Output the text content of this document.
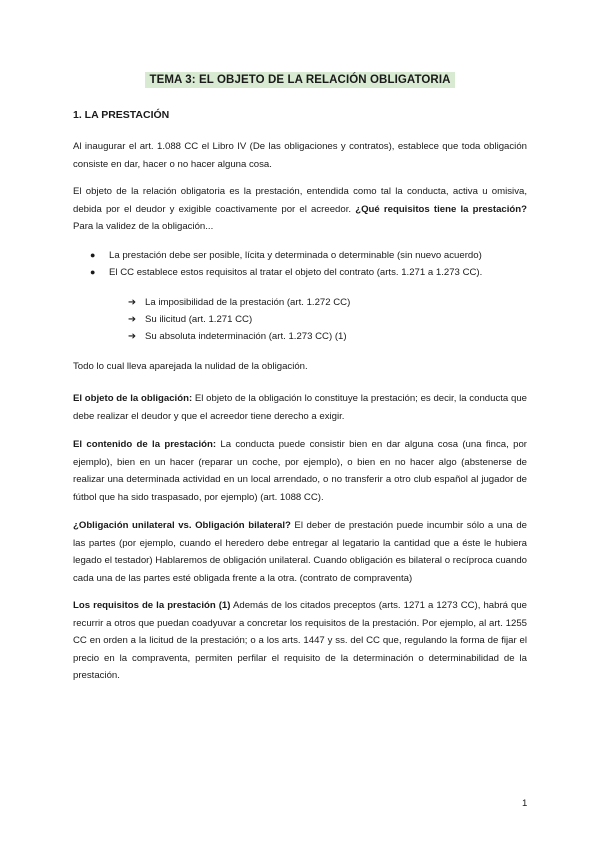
TEMA 3: EL OBJETO DE LA RELACIÓN OBLIGATORIA
1. LA PRESTACIÓN

Al inaugurar el art. 1.088 CC el Libro IV (De las obligaciones y contratos), establece que toda obligación consiste en dar, hacer o no hacer alguna cosa.

El objeto de la relación obligatoria es la prestación, entendida como tal la conducta, activa u omisiva, debida por el deudor y exigible coactivamente por el acreedor. ¿Qué requisitos tiene la prestación? Para la validez de la obligación...

● La prestación debe ser posible, lícita y determinada o determinable (sin nuevo acuerdo)
● El CC establece estos requisitos al tratar el objeto del contrato (arts. 1.271 a 1.273 CC).
➔ La imposibilidad de la prestación (art. 1.272 CC)
➔ Su ilicitud (art. 1.271 CC)
➔ Su absoluta indeterminación (art. 1.273 CC) (1)

Todo lo cual lleva aparejada la nulidad de la obligación.

El objeto de la obligación: El objeto de la obligación lo constituye la prestación; es decir, la conducta que debe realizar el deudor y que el acreedor tiene derecho a exigir.

El contenido de la prestación: La conducta puede consistir bien en dar alguna cosa (una finca, por ejemplo), bien en un hacer (reparar un coche, por ejemplo), o bien en no hacer algo (abstenerse de realizar una determinada actividad en un local arrendado, o no transferir a otro club español al jugador de fútbol que ha sido traspasado, por ejemplo) (art. 1088 CC).

¿Obligación unilateral vs. Obligación bilateral? El deber de prestación puede incumbir sólo a una de las partes (por ejemplo, cuando el heredero debe entregar al legatario la cantidad que a éste le hubiera legado el testador) Hablaremos de obligación unilateral. Cuando obligación es bilateral o recíproca cuando cada una de las partes esté obligada frente a la otra. (contrato de compraventa)

Los requisitos de la prestación (1) Además de los citados preceptos (arts. 1271 a 1273 CC), habrá que recurrir a otros que puedan coadyuvar a concretar los requisitos de la prestación. Por ejemplo, al art. 1255 CC en orden a la licitud de la prestación; o a los arts. 1447 y ss. del CC que, regulando la forma de fijar el precio en la compraventa, permiten perfilar el requisito de la determinación o determinabilidad de la prestación.

1
